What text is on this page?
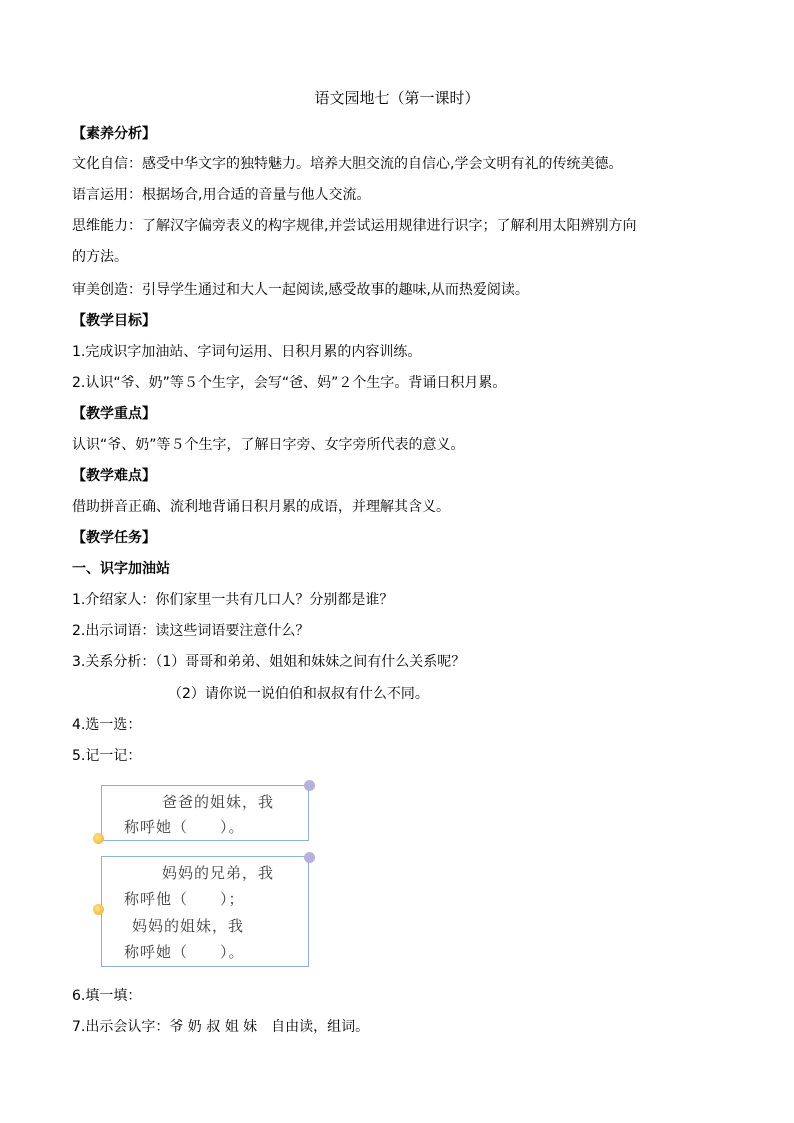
语文园地七（第一课时）
【素养分析】
文化自信：感受中华文字的独特魅力。培养大胆交流的自信心,学会文明有礼的传统美德。
语言运用：根据场合,用合适的音量与他人交流。
思维能力：了解汉字偏旁表义的构字规律,并尝试运用规律进行识字；了解利用太阳辨别方向
的方法。
审美创造：引导学生通过和大人一起阅读,感受故事的趣味,从而热爱阅读。
【教学目标】
1.完成识字加油站、字词句运用、日积月累的内容训练。
2.认识“爷、奶”等５个生字，会写“爸、妈”２个生字。背诵日积月累。
【教学重点】
认识“爷、奶”等５个生字，了解日字旁、女字旁所代表的意义。
【教学难点】
借助拼音正确、流利地背诵日积月累的成语，并理解其含义。
【教学任务】
一、识字加油站
1.介绍家人：你们家里一共有几口人？分别都是谁？
2.出示词语：读这些词语要注意什么？
3.关系分析：（1）哥哥和弟弟、姐姐和妹妹之间有什么关系呢？
（2）请你说一说伯伯和叔叔有什么不同。
4.选一选：
5.记一记：
爸爸的姐妹，我
称呼她（　　）。
妈妈的兄弟，我
称呼他（　　）；
妈妈的姐妹，我
称呼她（　　）。
6.填一填：
7.出示会认字：爷 奶 叔 姐 妹　自由读，组词。
